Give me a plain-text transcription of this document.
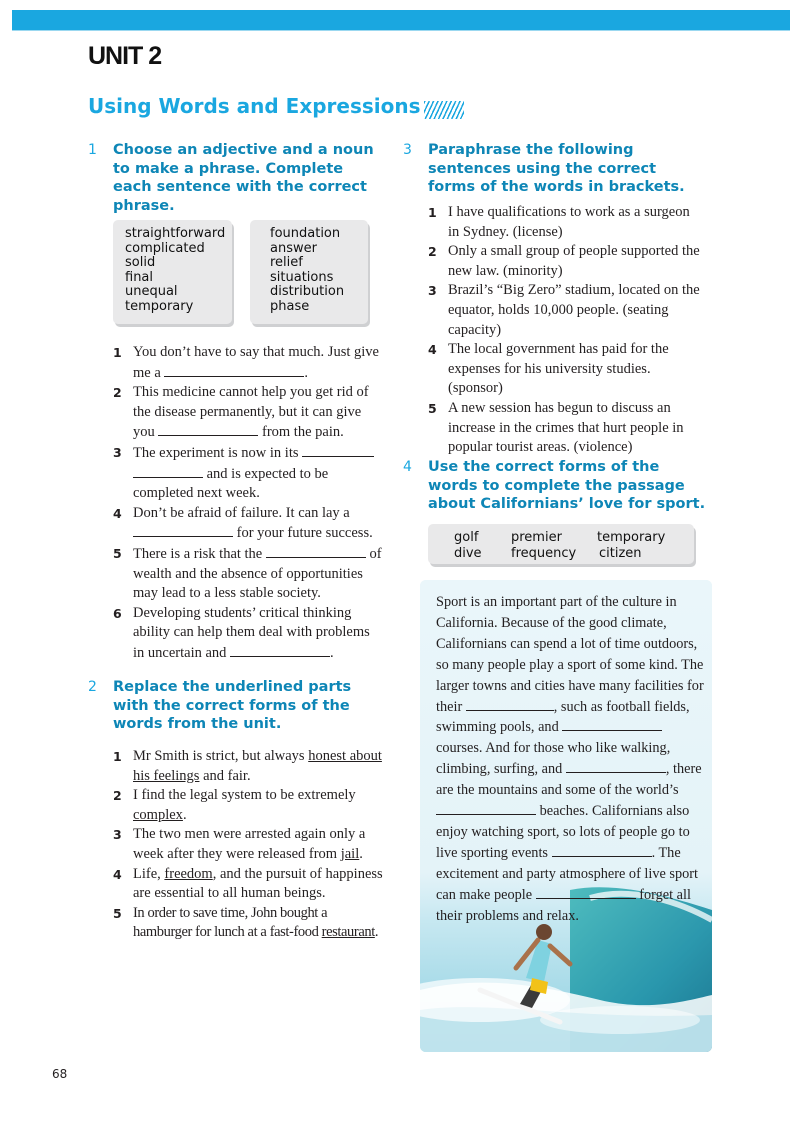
UNIT 2
Using Words and Expressions
1 Choose an adjective and a noun to make a phrase. Complete each sentence with the correct phrase.
straightforward
complicated
solid
final
unequal
temporary
foundation
answer
relief
situations
distribution
phase
1 You don’t have to say that much. Just give me a	.
2 This medicine cannot help you get rid of the disease permanently, but it can give you	from the pain.
3 The experiment is now in its   and is expected to be completed next week.
4 Don’t be afraid of failure. It can lay a  for your future success.
5 There is a risk that the	of wealth and the absence of opportunities may lead to a less stable society.
6 Developing students’ critical thinking ability can help them deal with problems in uncertain and	.
2 Replace the underlined parts with the correct forms of the words from the unit.
1 Mr Smith is strict, but always honest about his feelings and fair.
2 I find the legal system to be extremely complex.
3 The two men were arrested again only a week after they were released from jail.
4 Life, freedom, and the pursuit of happiness are essential to all human beings.
5 In order to save time, John bought a hamburger for lunch at a fast-food restaurant.
3 Paraphrase the following sentences using the correct forms of the words in brackets.
1 I have qualifications to work as a surgeon in Sydney. (license)
2 Only a small group of people supported the new law. (minority)
3 Brazil’s “Big Zero” stadium, located on the equator, holds 10,000 people. (seating capacity)
4 The local government has paid for the expenses for his university studies. (sponsor)
5 A new session has begun to discuss an increase in the crimes that hurt people in popular tourist areas. (violence)
4 Use the correct forms of the words to complete the passage about Californians’ love for sport.
golf
dive
premier
frequency
temporary
citizen
Sport is an important part of the culture in California. Because of the good climate, Californians can spend a lot of time outdoors, so many people play a sport of some kind. The larger towns and cities have many facilities for their	, such as football fields, swimming pools, and  courses. And for those who like walking, climbing, surfing, and	, there are the mountains and some of the world’s  beaches. Californians also enjoy watching sport, so lots of people go to live sporting events	. The excitement and party atmosphere of live sport can make people	forget all their problems and relax.
68
